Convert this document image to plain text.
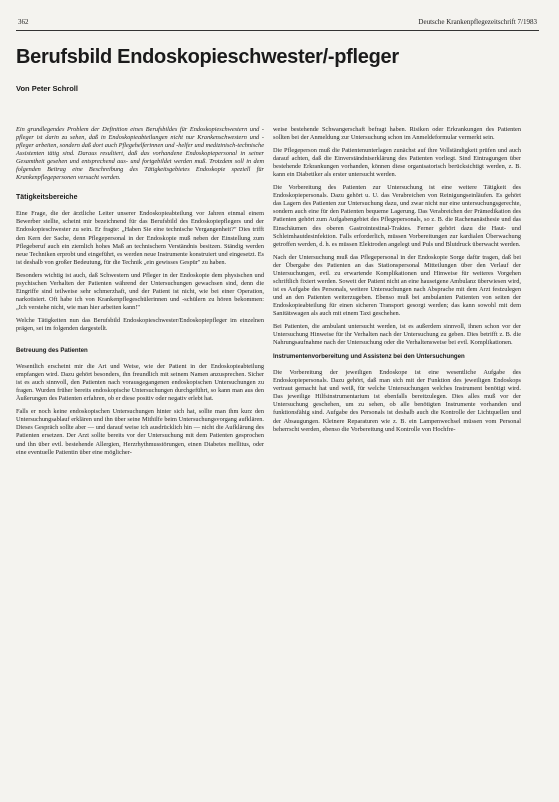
362	Deutsche Krankenpflegezeitschrift 7/1983
Berufsbild Endoskopieschwester/-pfleger
Von Peter Schroll

Ein grundlegendes Problem der Definition eines Berufsbildes für Endoskopieschwestern und -pfleger ist darin zu sehen, daß in Endoskopieabteilungen nicht nur Krankenschwestern und -pfleger arbeiten, sondern daß dort auch Pflegehelferinnen und -helfer und medizinisch-technische Assistenten tätig sind. Daraus resultiert, daß das vorhandene Endoskopiepersonal in seiner Gesamtheit gesehen und entsprechend aus- und fortgebildet werden muß. Trotzdem soll in dem folgenden Beitrag eine Beschreibung des Tätigkeitsgebietes Endoskopie speziell für Krankenpflegepersonen versucht werden.

Tätigkeitsbereiche

Eine Frage, die der ärztliche Leiter unserer Endoskopieabteilung vor Jahren einmal einem Bewerber stellte, scheint mir bezeichnend für das Berufsbild des Endoskopiepflegers und der Endoskopieschwester zu sein. Er fragte: „Haben Sie eine technische Vergangenheit?" Dies trifft den Kern der Sache, denn Pflegepersonal in der Endoskopie muß neben der Einstellung zum Pflegeberuf auch ein ziemlich hohes Maß an technischem Verständnis besitzen. Ständig werden neue Techniken erprobt und eingeführt, es werden neue Instrumente konstruiert und eingesetzt. Es ist deshalb von großer Bedeutung, für die Technik „ein gewisses Gespür" zu haben.

Besonders wichtig ist auch, daß Schwestern und Pfleger in der Endoskopie dem physischen und psychischen Verhalten der Patienten während der Untersuchungen gewachsen sind, denn die Eingriffe sind teilweise sehr schmerzhaft, und der Patient ist nicht, wie bei einer Operation, narkotisiert. Oft habe ich von Krankenpflegeschülerinnen und -schülern zu hören bekommen: „Ich verstehe nicht, wie man hier arbeiten kann!"

Welche Tätigkeiten nun das Berufsbild Endoskopieschwester/Endoskopiepfleger im einzelnen prägen, sei im folgenden dargestellt.

Betreuung des Patienten

Wesentlich erscheint mir die Art und Weise, wie der Patient in der Endoskopieabteilung empfangen wird. Dazu gehört besonders, ihn freundlich mit seinem Namen anzusprechen. Sicher ist es auch sinnvoll, den Patienten nach vorausgegangenen endoskopischen Untersuchungen zu fragen. Wurden früher bereits endoskopische Untersuchungen durchgeführt, so kann man aus den Äußerungen des Patienten erfahren, ob er diese positiv oder negativ erlebt hat.

Falls er noch keine endoskopischen Untersuchungen hinter sich hat, sollte man ihm kurz den Untersuchungsablauf erklären und ihn über seine Mithilfe beim Untersuchungsvorgang aufklären. Dieses Gespräch sollte aber — und darauf weise ich ausdrücklich hin — nicht die Aufklärung des Patienten ersetzen. Der Arzt sollte bereits vor der Untersuchung mit dem Patienten gesprochen und ihn über evtl. bestehende Allergien, Herzrhythmusstörungen, einen Diabetes mellitus, oder eine eventuelle Patientin über eine möglicher-

weise bestehende Schwangerschaft befragt haben. Risiken oder Erkrankungen des Patienten sollten bei der Anmeldung zur Untersuchung schon im Anmeldeformular vermerkt sein.

Die Pflegeperson muß die Patientenunterlagen zunächst auf ihre Vollständigkeit prüfen und auch darauf achten, daß die Einverständniserklärung des Patienten vorliegt. Sind Eintragungen über bestehende Erkrankungen vorhanden, können diese organisatorisch berücksichtigt werden, z. B. kann ein Diabetiker als erster untersucht werden.

Die Vorbereitung des Patienten zur Untersuchung ist eine weitere Tätigkeit des Endoskopiepersonals. Dazu gehört u. U. das Verabreichen von Reinigungseinläufen. Es gehört das Lagern des Patienten zur Untersuchung dazu, und zwar nicht nur eine untersuchungsgerechte, sondern auch eine für den Patienten bequeme Lagerung. Das Verabreichen der Prämedikation des Patienten gehört zum Aufgabengebiet des Pflegepersonals, so z. B. die Rachenanästhesie und das Einschäumen des oberen Gastrointestinal-Traktes. Ferner gehört dazu die Haut- und Schleimhautdesinfektion. Falls erforderlich, müssen Vorbereitungen zur kardialen Überwachung getroffen werden, d. h. es müssen Elektroden angelegt und Puls und Blutdruck überwacht werden.

Nach der Untersuchung muß das Pflegepersonal in der Endoskopie Sorge dafür tragen, daß bei der Übergabe des Patienten an das Stationspersonal Mitteilungen über den Verlauf der Untersuchungen, evtl. zu erwartende Komplikationen und Hinweise für weiteres Vorgehen schriftlich fixiert werden. Soweit der Patient nicht an eine hauseigene Ambulanz überwiesen wird, ist es Aufgabe des Personals, weitere Untersuchungen nach Absprache mit dem Arzt festzulegen und an den Patienten weiterzugeben. Ebenso muß bei ambulanten Patienten von seiten der Endoskopieabteilung für einen sicheren Transport gesorgt werden; das kann sowohl mit dem Sanitätswagen als auch mit einem Taxi geschehen.

Bei Patienten, die ambulant untersucht werden, ist es außerdem sinnvoll, ihnen schon vor der Untersuchung Hinweise für ihr Verhalten nach der Untersuchung zu geben. Dies betrifft z. B. die Nahrungsaufnahme nach der Untersuchung oder die Verhaltensweise bei evtl. Komplikationen.

Instrumentenvorbereitung und Assistenz bei den Untersuchungen

Die Vorbereitung der jeweiligen Endoskope ist eine wesentliche Aufgabe des Endoskopiepersonals. Dazu gehört, daß man sich mit der Funktion des jeweiligen Endoskops vertraut gemacht hat und weiß, für welche Untersuchungen welches Instrument benötigt wird. Das jeweilige Hilfsinstrumentarium ist ebenfalls bereitzulegen. Dies alles muß vor der Untersuchung geschehen, um zu sehen, ob alle benötigten Instrumente vorhanden und funktionsfähig sind. Aufgabe des Personals ist deshalb auch die Kontrolle der Lichtquellen und der Absaugungen. Kleinere Reparaturen wie z. B. ein Lampenwechsel müssen vom Personal beherrscht werden, ebenso die Vorbereitung und Kontrolle von Hochfre-
